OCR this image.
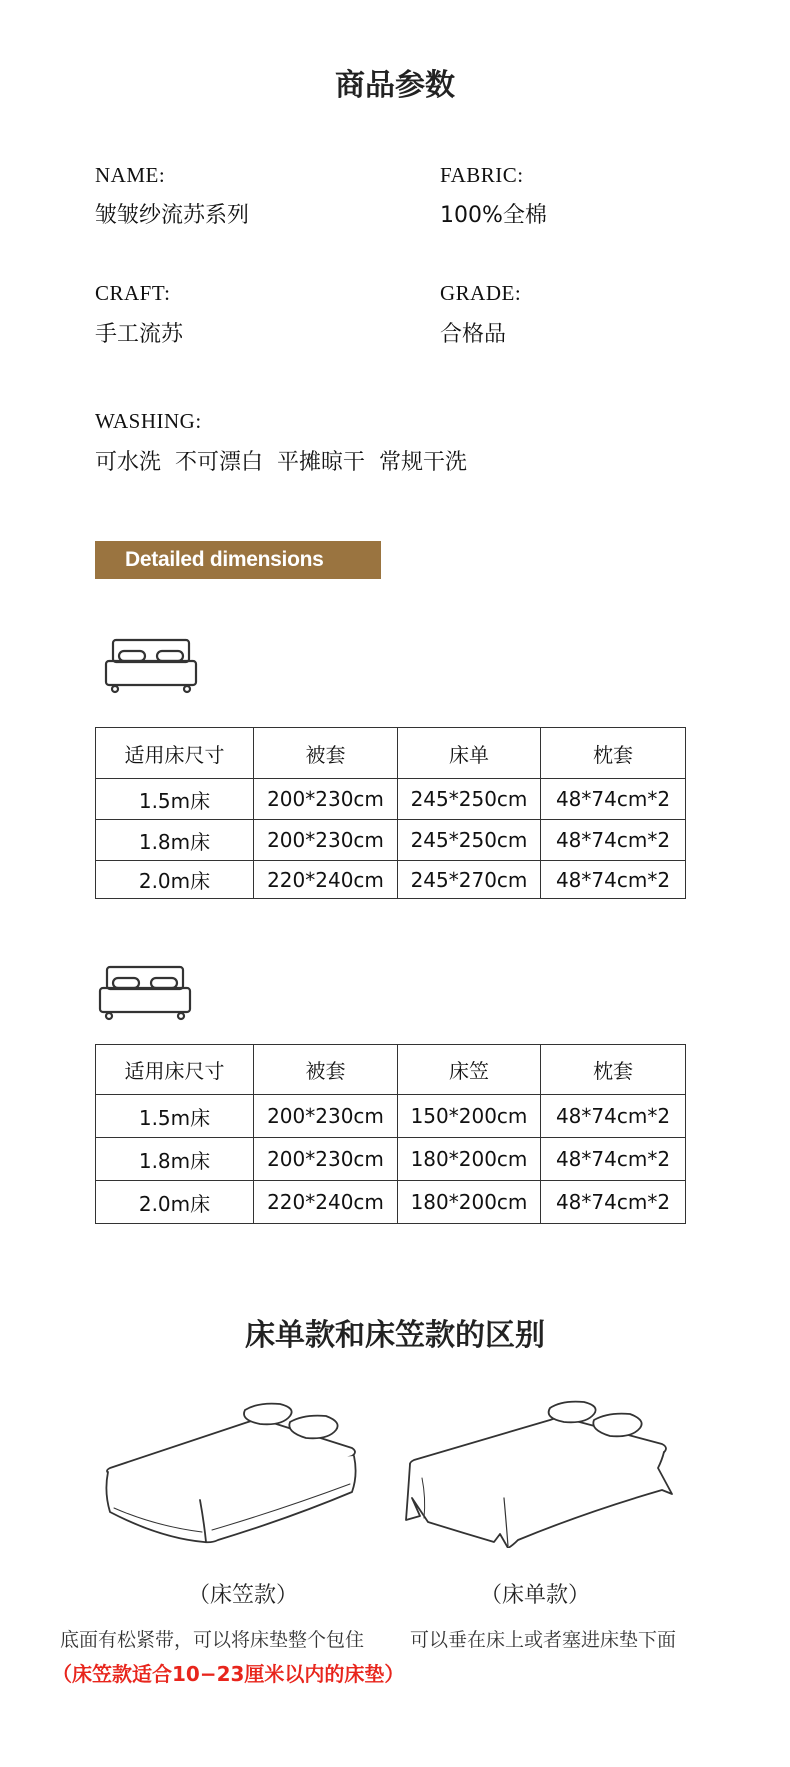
商品参数
NAME:
皱皱纱流苏系列
FABRIC:
100%全棉
CRAFT:
手工流苏
GRADE:
合格品
WASHING:
可水洗  不可漂白  平摊晾干  常规干洗
Detailed dimensions
适用床尺寸	被套	床单	枕套
1.5m床	200*230cm	245*250cm	48*74cm*2
1.8m床	200*230cm	245*250cm	48*74cm*2
2.0m床	220*240cm	245*270cm	48*74cm*2
适用床尺寸	被套	床笠	枕套
1.5m床	200*230cm	150*200cm	48*74cm*2
1.8m床	200*230cm	180*200cm	48*74cm*2
2.0m床	220*240cm	180*200cm	48*74cm*2
床单款和床笠款的区别
（床笠款）	（床单款）
底面有松紧带，可以将床垫整个包住 可以垂在床上或者塞进床垫下面
（床笠款适合10−23厘米以内的床垫）
